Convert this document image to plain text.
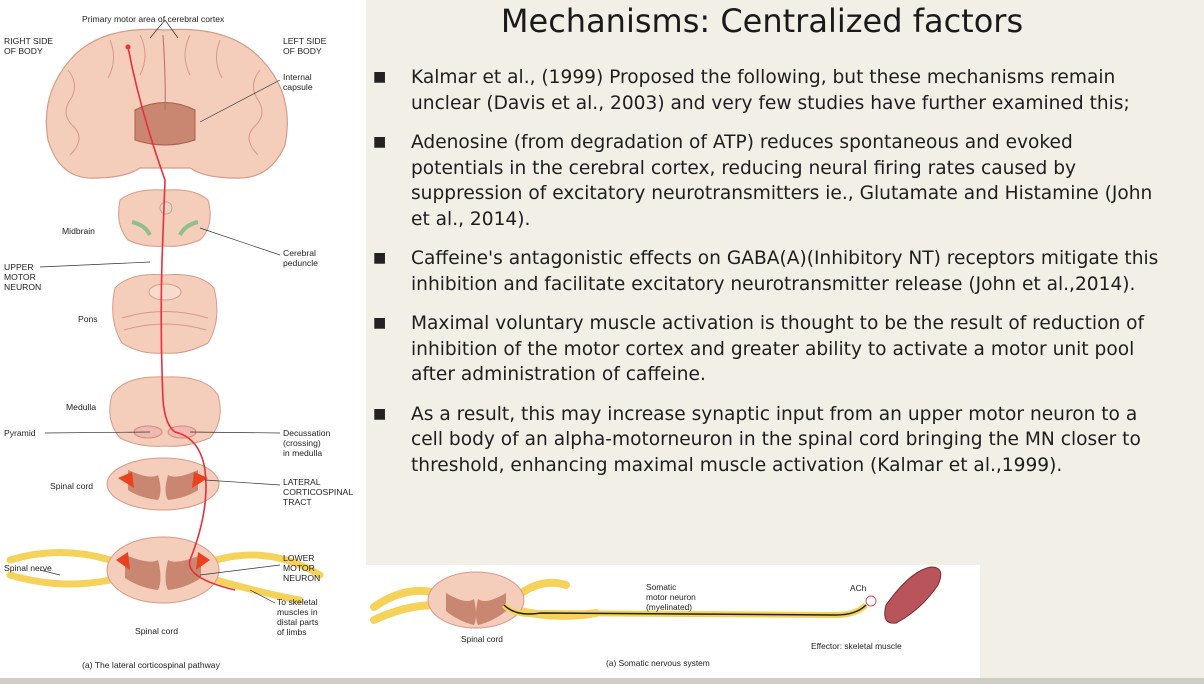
Primary motor area of cerebral cortex
RIGHT SIDE
OF BODY
LEFT SIDE
OF BODY
Internal
capsule
Midbrain
Cerebral
peduncle
UPPER
MOTOR
NEURON
Pons
Medulla
Pyramid	Decussation
(crossing)
in medulla
Spinal cord	LATERAL
CORTICOSPINAL
TRACT
Spinal nerve
LOWER
MOTOR
NEURON
To skeletal
muscles in
distal parts
of limbs
Spinal cord
(a) The lateral corticospinal pathway
Mechanisms: Centralized factors
■ Kalmar et al., (1999) Proposed the following, but these mechanisms remain unclear (Davis et al., 2003) and very few studies have further examined this;
■ Adenosine (from degradation of ATP) reduces spontaneous and evoked potentials in the cerebral cortex, reducing neural firing rates caused by suppression of excitatory neurotransmitters ie., Glutamate and Histamine (John et al., 2014).
■ Caffeine's antagonistic effects on GABA(A)(Inhibitory NT) receptors mitigate this inhibition and facilitate excitatory neurotransmitter release (John et al.,2014).
■ Maximal voluntary muscle activation is thought to be the result of reduction of inhibition of the motor cortex and greater ability to activate a motor unit pool after administration of caffeine.
■ As a result, this may increase synaptic input from an upper motor neuron to a cell body of an alpha-motorneuron in the spinal cord bringing the MN closer to threshold, enhancing maximal muscle activation (Kalmar et al.,1999).
Somatic
motor neuron
(myelinated)
ACh
Spinal cord
Effector: skeletal muscle
(a) Somatic nervous system
